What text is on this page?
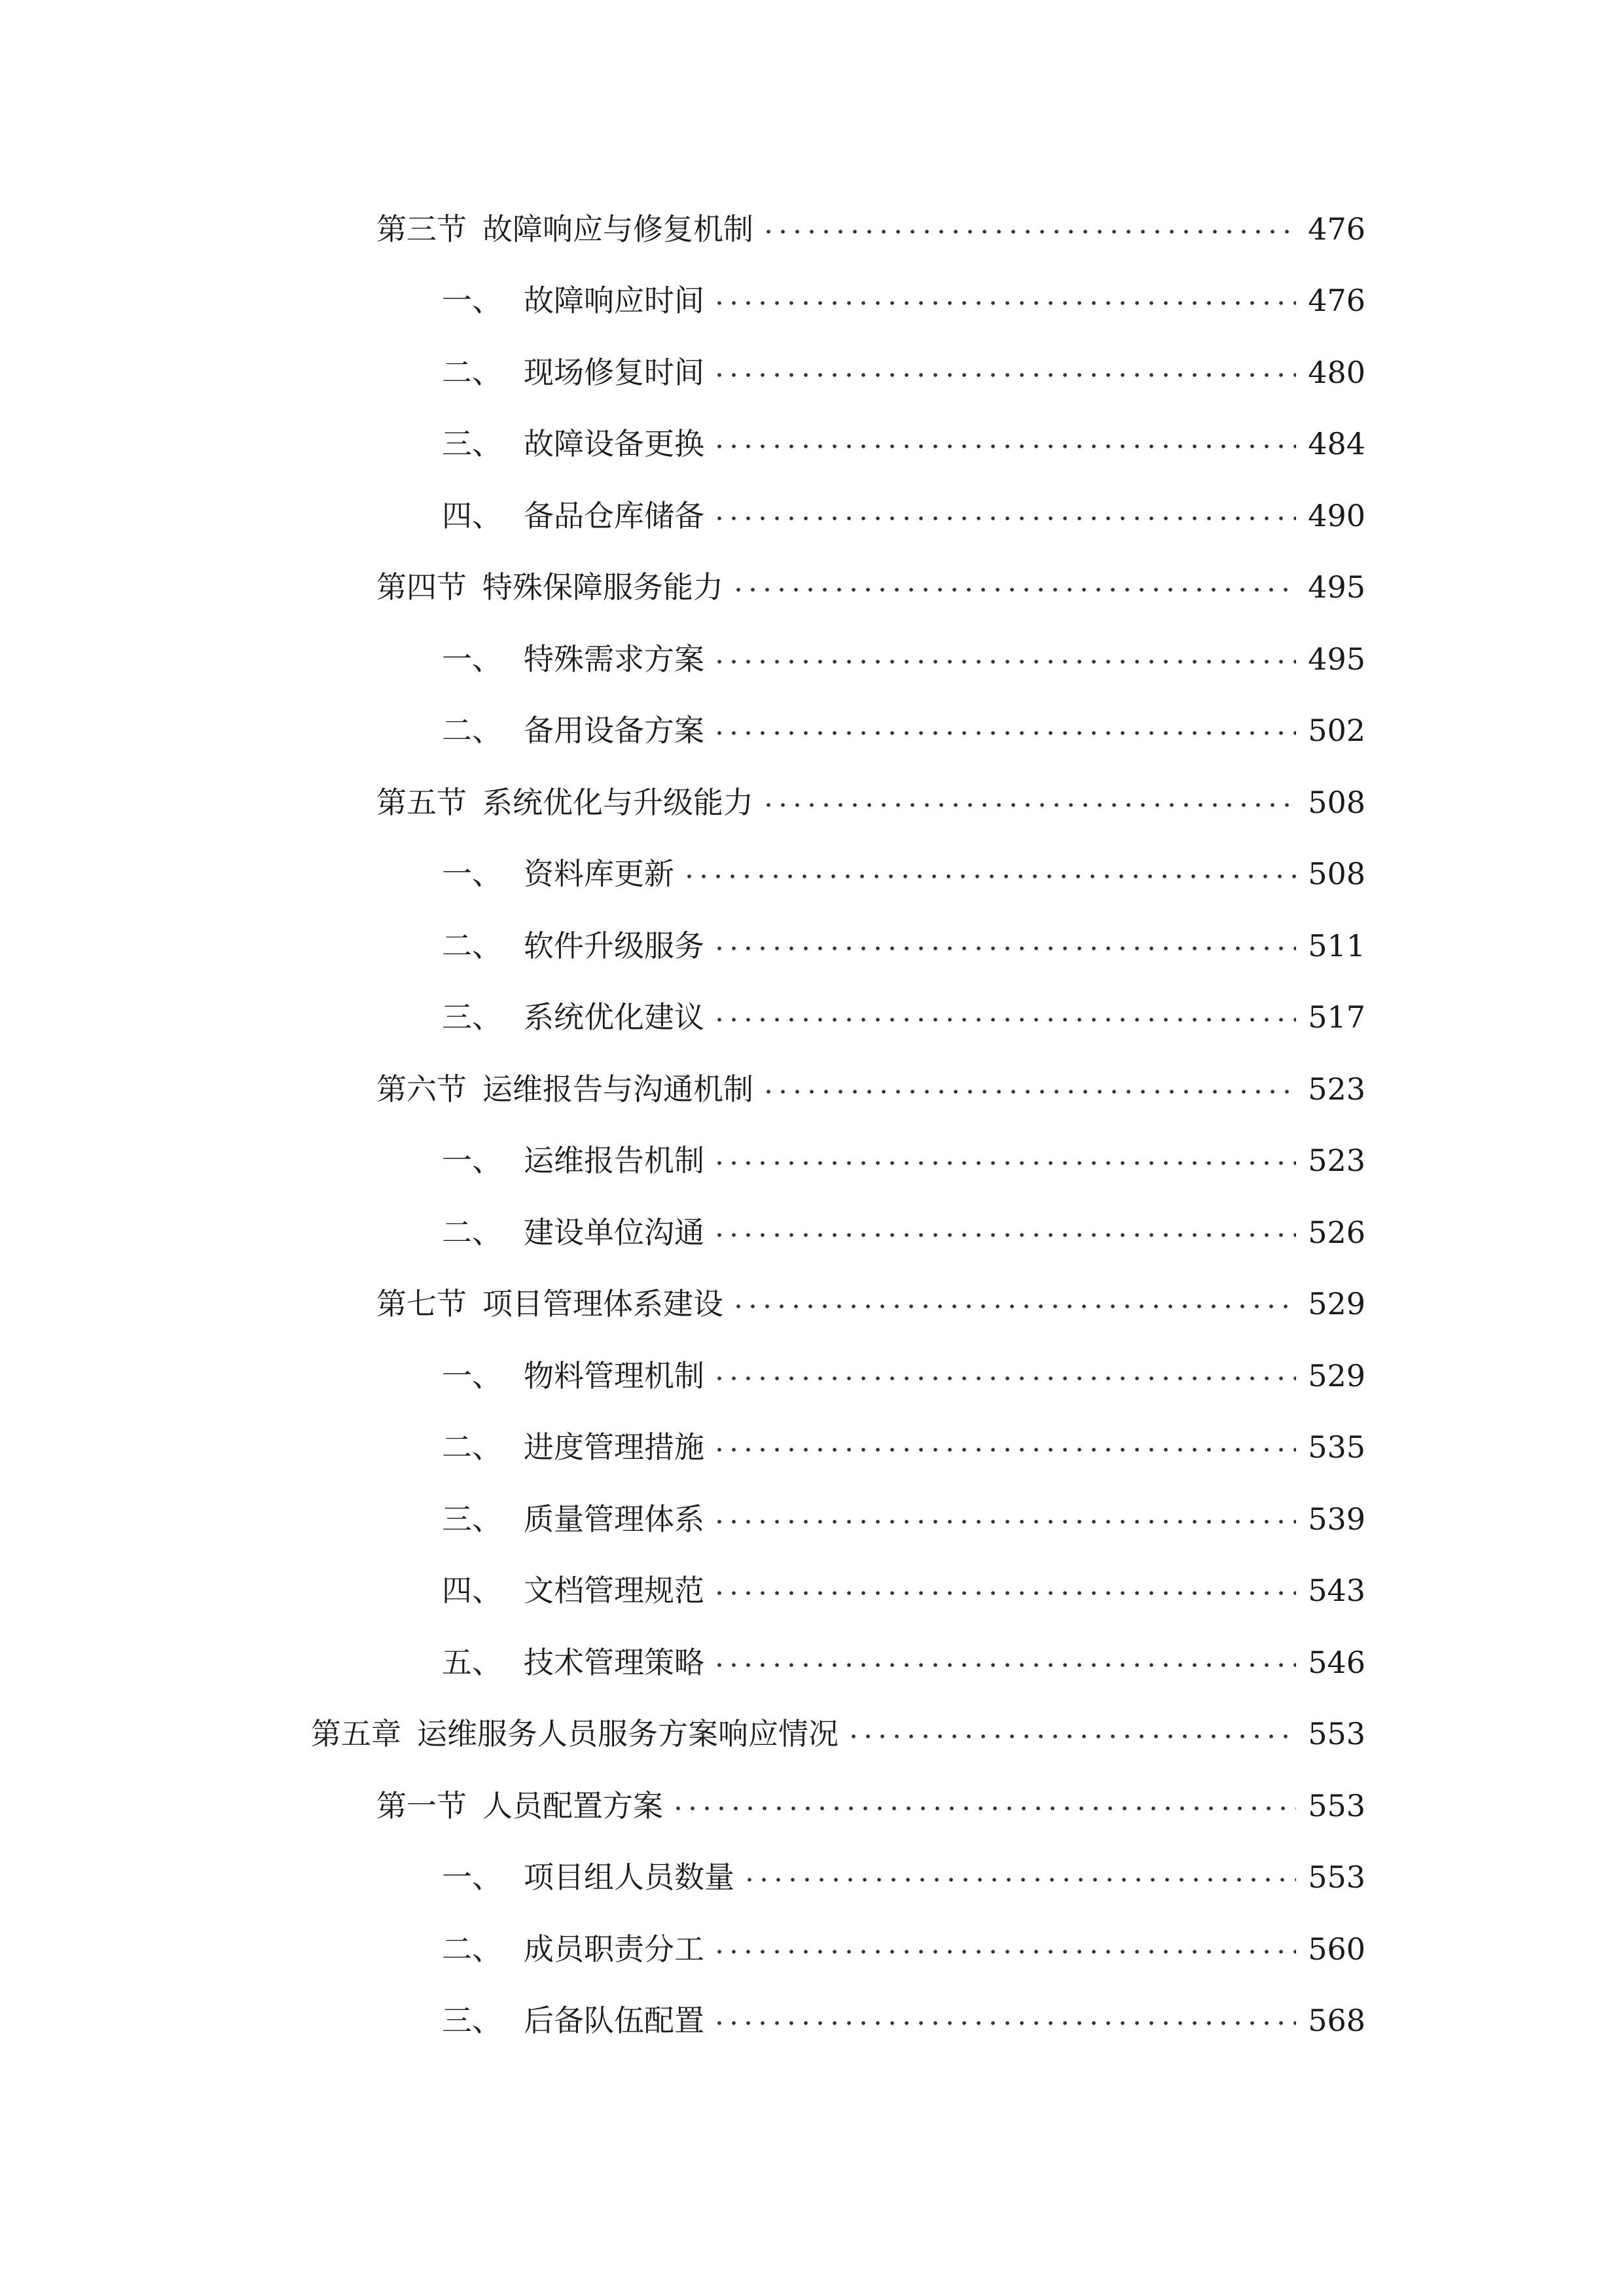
第三节 故障响应与修复机制	476
一、 故障响应时间	476
二、 现场修复时间	480
三、 故障设备更换	484
四、 备品仓库储备	490
第四节 特殊保障服务能力	495
一、 特殊需求方案	495
二、 备用设备方案	502
第五节 系统优化与升级能力	508
一、 资料库更新	508
二、 软件升级服务	511
三、 系统优化建议	517
第六节 运维报告与沟通机制	523
一、 运维报告机制	523
二、 建设单位沟通	526
第七节 项目管理体系建设	529
一、 物料管理机制	529
二、 进度管理措施	535
三、 质量管理体系	539
四、 文档管理规范	543
五、 技术管理策略	546
第五章 运维服务人员服务方案响应情况	553
第一节 人员配置方案	553
一、 项目组人员数量	553
二、 成员职责分工	560
三、 后备队伍配置	568
